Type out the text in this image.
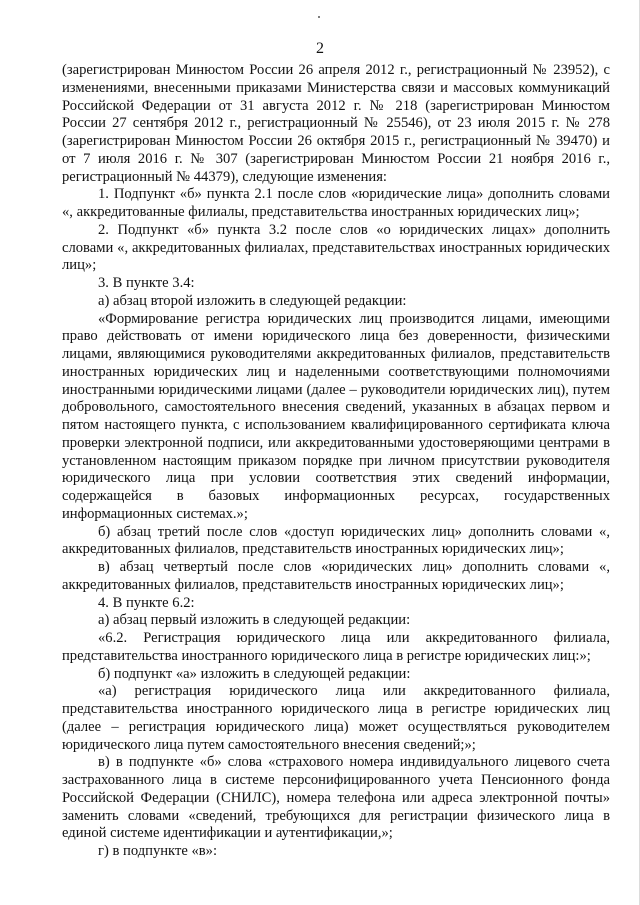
2

(зарегистрирован Минюстом России 26 апреля 2012 г., регистрационный № 23952), с изменениями, внесенными приказами Министерства связи и массовых коммуникаций Российской Федерации от 31 августа 2012 г. № 218 (зарегистрирован Минюстом России 27 сентября 2012 г., регистрационный № 25546), от 23 июля 2015 г. № 278 (зарегистрирован Минюстом России 26 октября 2015 г., регистрационный № 39470) и от 7 июля 2016 г. № 307 (зарегистрирован Минюстом России 21 ноября 2016 г., регистрационный № 44379), следующие изменения:

1. Подпункт «б» пункта 2.1 после слов «юридические лица» дополнить словами «, аккредитованные филиалы, представительства иностранных юридических лиц»;

2. Подпункт «б» пункта 3.2 после слов «о юридических лицах» дополнить словами «, аккредитованных филиалах, представительствах иностранных юридических лиц»;

3. В пункте 3.4:

а) абзац второй изложить в следующей редакции:

«Формирование регистра юридических лиц производится лицами, имеющими право действовать от имени юридического лица без доверенности, физическими лицами, являющимися руководителями аккредитованных филиалов, представительств иностранных юридических лиц и наделенными соответствующими полномочиями иностранными юридическими лицами (далее – руководители юридических лиц), путем добровольного, самостоятельного внесения сведений, указанных в абзацах первом и пятом настоящего пункта, с использованием квалифицированного сертификата ключа проверки электронной подписи, или аккредитованными удостоверяющими центрами в установленном настоящим приказом порядке при личном присутствии руководителя юридического лица при условии соответствия этих сведений информации, содержащейся в базовых информационных ресурсах, государственных информационных системах.»;

б) абзац третий после слов «доступ юридических лиц» дополнить словами «, аккредитованных филиалов, представительств иностранных юридических лиц»;

в) абзац четвертый после слов «юридических лиц» дополнить словами «, аккредитованных филиалов, представительств иностранных юридических лиц»;

4. В пункте 6.2:

а) абзац первый изложить в следующей редакции:

«6.2. Регистрация юридического лица или аккредитованного филиала, представительства иностранного юридического лица в регистре юридических лиц:»;

б) подпункт «а» изложить в следующей редакции:

«а) регистрация юридического лица или аккредитованного филиала, представительства иностранного юридического лица в регистре юридических лиц (далее – регистрация юридического лица) может осуществляться руководителем юридического лица путем самостоятельного внесения сведений;»;

в) в подпункте «б» слова «страхового номера индивидуального лицевого счета застрахованного лица в системе персонифицированного учета Пенсионного фонда Российской Федерации (СНИЛС), номера телефона или адреса электронной почты» заменить словами «сведений, требующихся для регистрации физического лица в единой системе идентификации и аутентификации,»;

г) в подпункте «в»:
